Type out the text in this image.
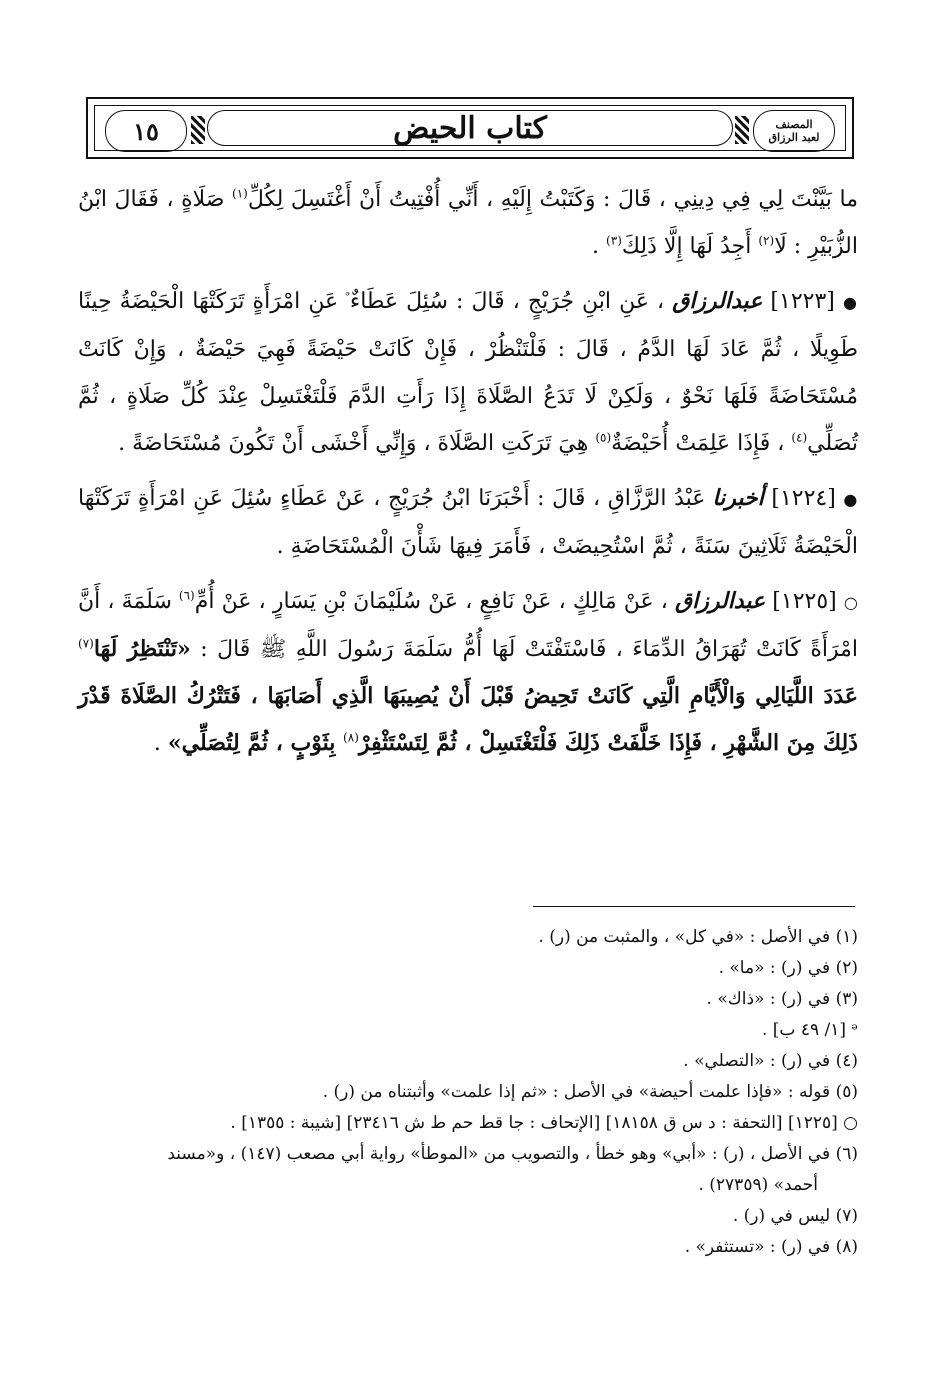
١٥	كتاب الحيض	المصنف
لعبد الرزاق

ما بَيَّنْتَ لِي فِي دِينِي ، قَالَ : وَكَتَبْتُ إِلَيْهِ ، أَنِّي أُفْتِيتُ أَنْ أَغْتَسِلَ لِكُلِّ$^{(١)}$ صَلَاةٍ ، فَقَالَ ابْنُ الزُّبَيْرِ : لَا$^{(٢)}$ أَجِدُ لَهَا إِلَّا ذَلِكَ$^{(٣)}$ .

● [١٢٢٣] عبدالرزاق ، عَنِ ابْنِ جُرَيْجٍ ، قَالَ : سُئِلَ عَطَاءٌ$^ᵊ$ عَنِ امْرَأَةٍ تَرَكَتْهَا الْحَيْضَةُ حِينًا طَوِيلًا ، ثُمَّ عَادَ لَهَا الدَّمُ ، قَالَ : فَلْتَنْظُرْ ، فَإِنْ كَانَتْ حَيْضَةً فَهِيَ حَيْضَةٌ ، وَإِنْ كَانَتْ مُسْتَحَاضَةً فَلَهَا نَحْوٌ ، وَلَكِنْ لَا تَدَعُ الصَّلَاةَ إِذَا رَأَتِ الدَّمَ فَلْتَغْتَسِلْ عِنْدَ كُلِّ صَلَاةٍ ، ثُمَّ تُصَلِّي$^{(٤)}$ ، فَإِذَا عَلِمَتْ أُحَيْضَةٌ$^{(٥)}$ هِيَ تَرَكَتِ الصَّلَاةَ ، وَإِنِّي أَخْشَى أَنْ تَكُونَ مُسْتَحَاضَةً .

● [١٢٢٤] أخبرنا عَبْدُ الرَّزَّاقِ ، قَالَ : أَخْبَرَنَا ابْنُ جُرَيْجٍ ، عَنْ عَطَاءٍ سُئِلَ عَنِ امْرَأَةٍ تَرَكَتْهَا الْحَيْضَةُ ثَلَاثِينَ سَنَةً ، ثُمَّ اسْتُحِيضَتْ ، فَأَمَرَ فِيهَا شَأْنَ الْمُسْتَحَاضَةِ .

○ [١٢٢٥] عبدالرزاق ، عَنْ مَالِكٍ ، عَنْ نَافِعٍ ، عَنْ سُلَيْمَانَ بْنِ يَسَارٍ ، عَنْ أُمِّ$^{(٦)}$ سَلَمَةَ ، أَنَّ امْرَأَةً كَانَتْ تُهَرَاقُ الدِّمَاءَ ، فَاسْتَفْتَتْ لَهَا أُمُّ سَلَمَةَ رَسُولَ اللَّهِ ﷺ قَالَ : «تَنْتَظِرُ لَهَا$^{(٧)}$ عَدَدَ اللَّيَالِي وَالْأَيَّامِ الَّتِي كَانَتْ تَحِيضُ قَبْلَ أَنْ يُصِيبَهَا الَّذِي أَصَابَهَا ، فَتَتْرُكُ الصَّلَاةَ قَدْرَ ذَلِكَ مِنَ الشَّهْرِ ، فَإِذَا خَلَّفَتْ ذَلِكَ فَلْتَغْتَسِلْ ، ثُمَّ لِتَسْتَثْفِرْ$^{(٨)}$ بِثَوْبٍ ، ثُمَّ لِتُصَلِّي» .

(١) في الأصل : «في كل» ، والمثبت من (ر) .

(٢) في (ر) : «ما» .

(٣) في (ر) : «ذاك» .

ᵊ [١/ ٤٩ ب] .

(٤) في (ر) : «التصلي» .

(٥) قوله : «فإذا علمت أحيضة» في الأصل : «ثم إذا علمت» وأثبتناه من (ر) .

○ [١٢٢٥] [التحفة : د س ق ١٨١٥٨] [الإتحاف : جا قط حم ط ش ٢٣٤١٦] [شيبة : ١٣٥٥] .

(٦) في الأصل ، (ر) : «أبي» وهو خطأ ، والتصويب من «الموطأ» رواية أبي مصعب (١٤٧) ، و«مسند

أحمد» (٢٧٣٥٩) .

(٧) ليس في (ر) .

(٨) في (ر) : «تستثفر» .
